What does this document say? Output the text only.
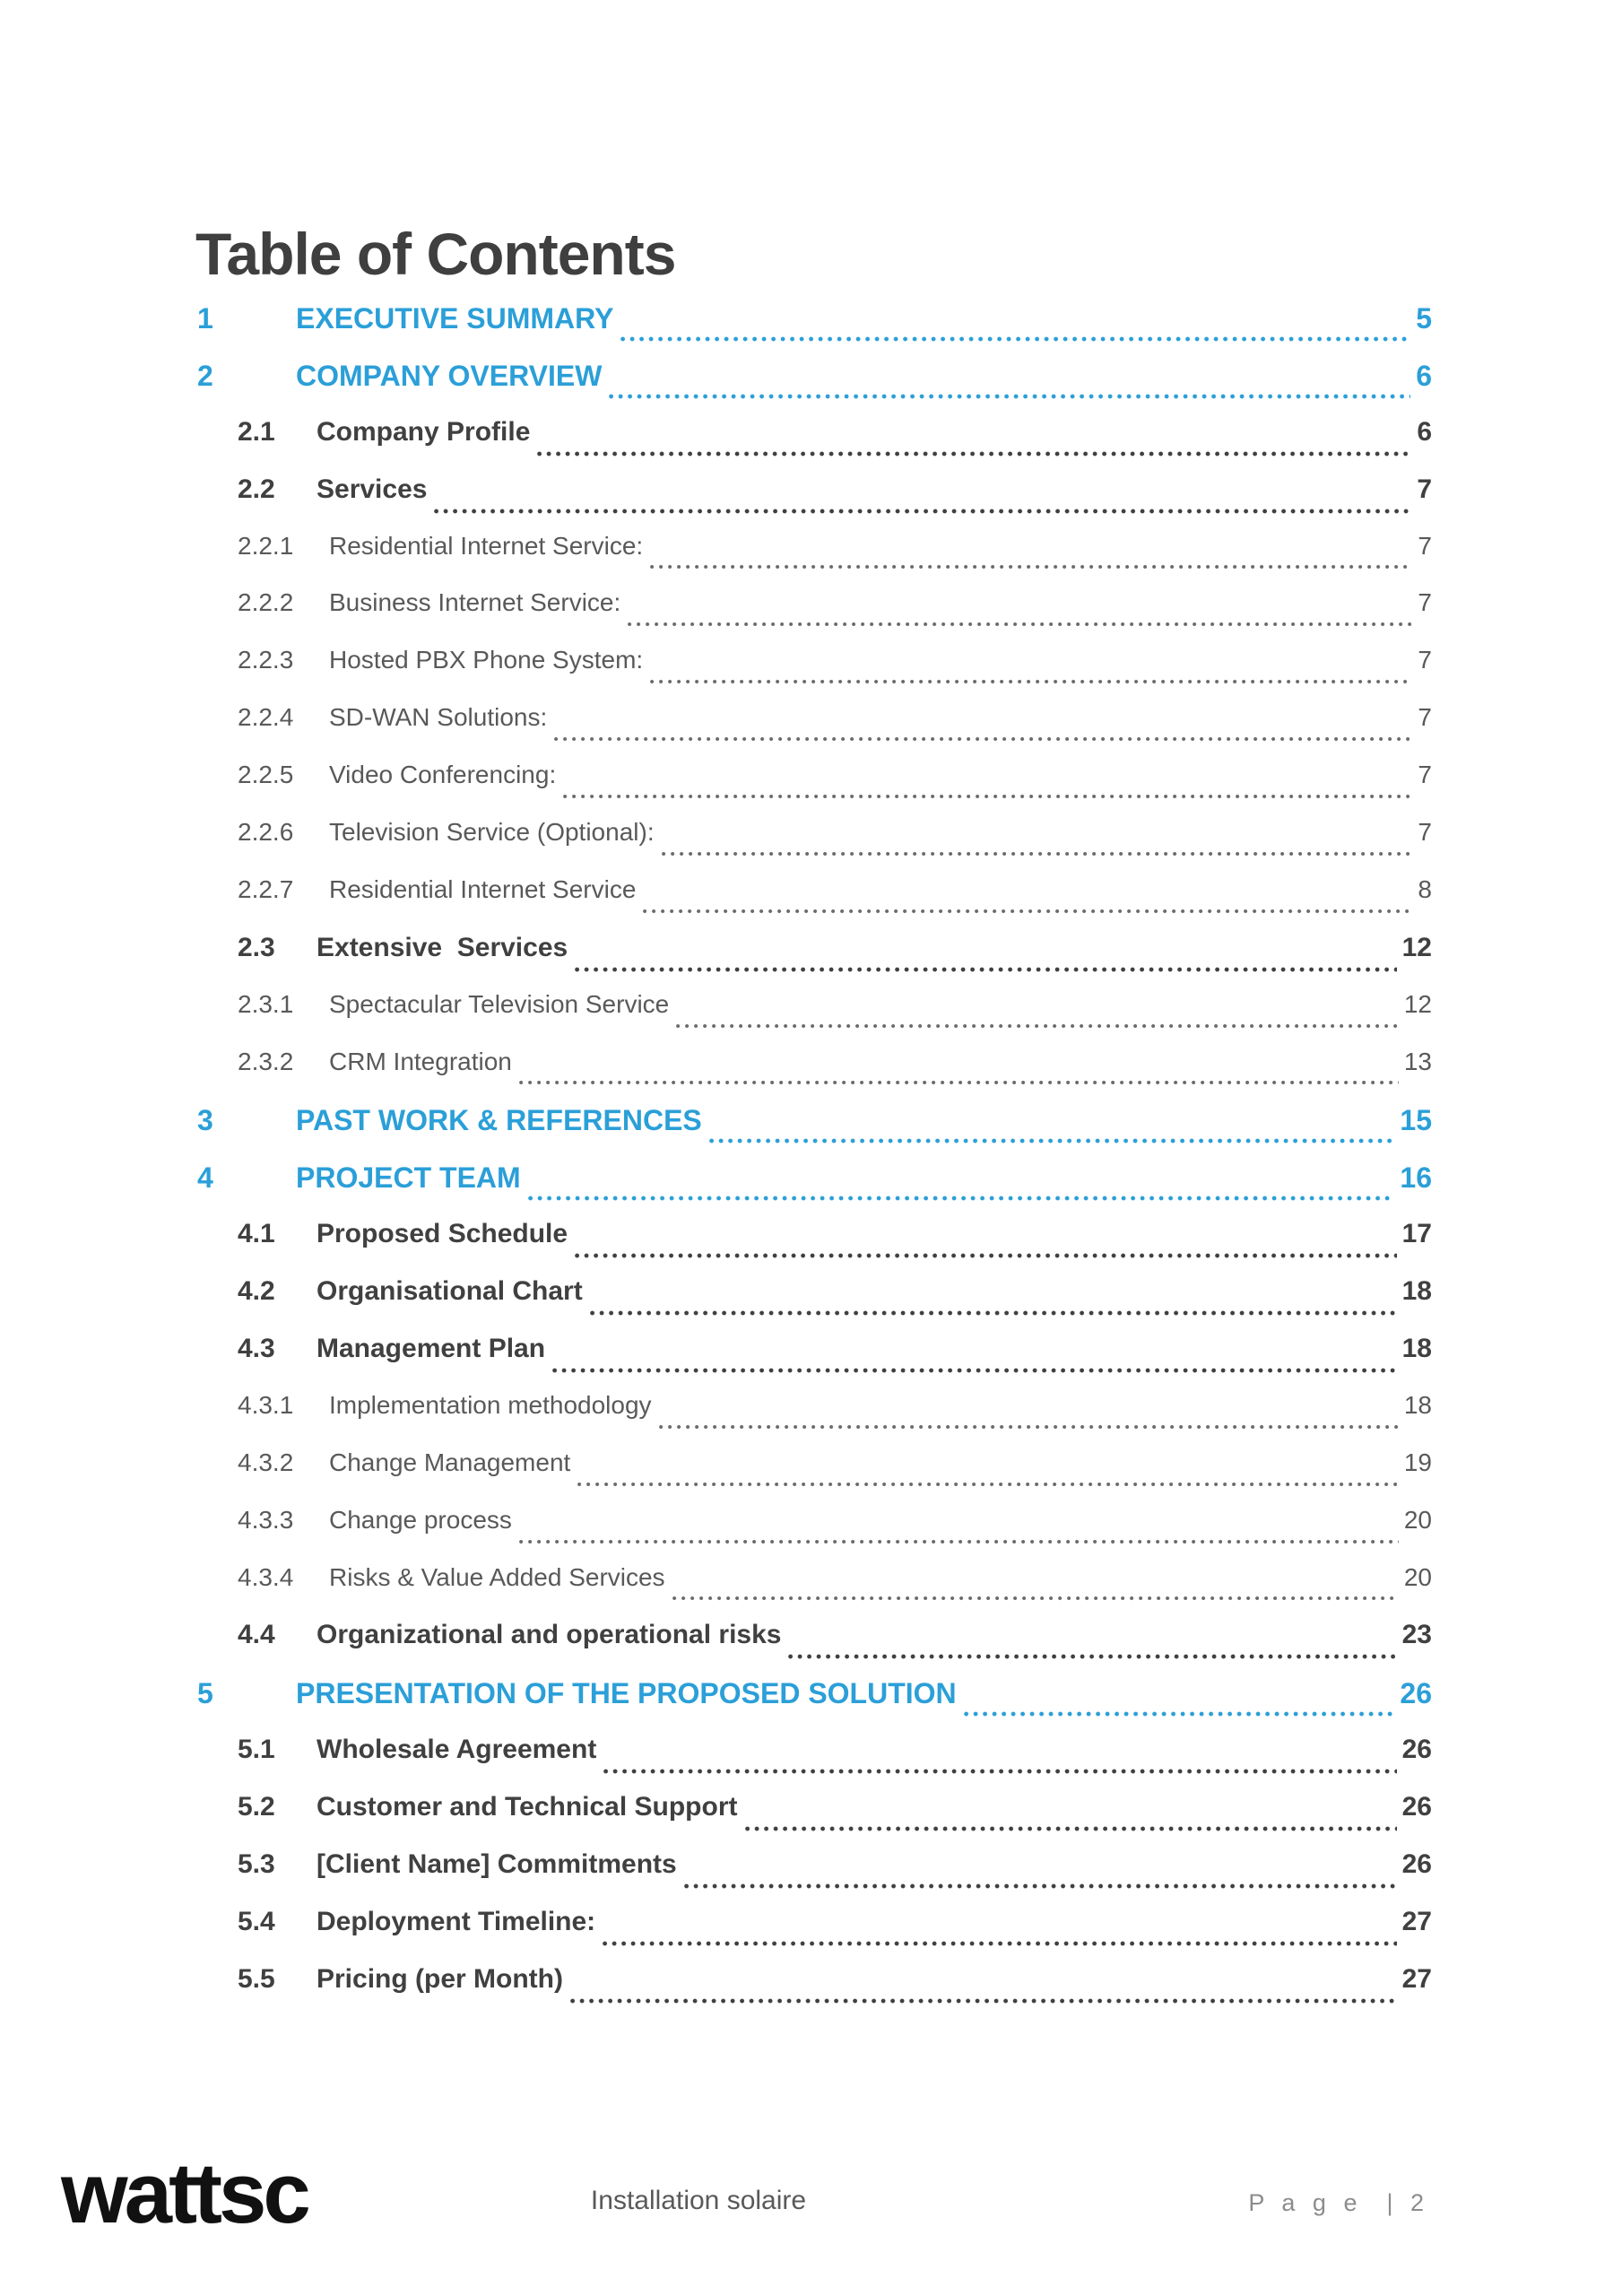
Table of Contents
1	EXECUTIVE SUMMARY	5
2	COMPANY OVERVIEW	6
2.1	Company Profile	6
2.2	Services	7
2.2.1	Residential Internet Service:	7
2.2.2	Business Internet Service:	7
2.2.3	Hosted PBX Phone System:	7
2.2.4	SD-WAN Solutions:	7
2.2.5	Video Conferencing:	7
2.2.6	Television Service (Optional):	7
2.2.7	Residential Internet Service	8
2.3	Extensive  Services	12
2.3.1	Spectacular Television Service	12
2.3.2	CRM Integration	13
3	PAST WORK & REFERENCES	15
4	PROJECT TEAM	16
4.1	Proposed Schedule	17
4.2	Organisational Chart	18
4.3	Management Plan	18
4.3.1	Implementation methodology	18
4.3.2	Change Management	19
4.3.3	Change process	20
4.3.4	Risks & Value Added Services	20
4.4	Organizational and operational risks	23
5	PRESENTATION OF THE PROPOSED SOLUTION	26
5.1	Wholesale Agreement	26
5.2	Customer and Technical Support	26
5.3	[Client Name] Commitments	26
5.4	Deployment Timeline:	27
5.5	Pricing (per Month)	27
wattsc	Installation solaire	P a g e  | 2
